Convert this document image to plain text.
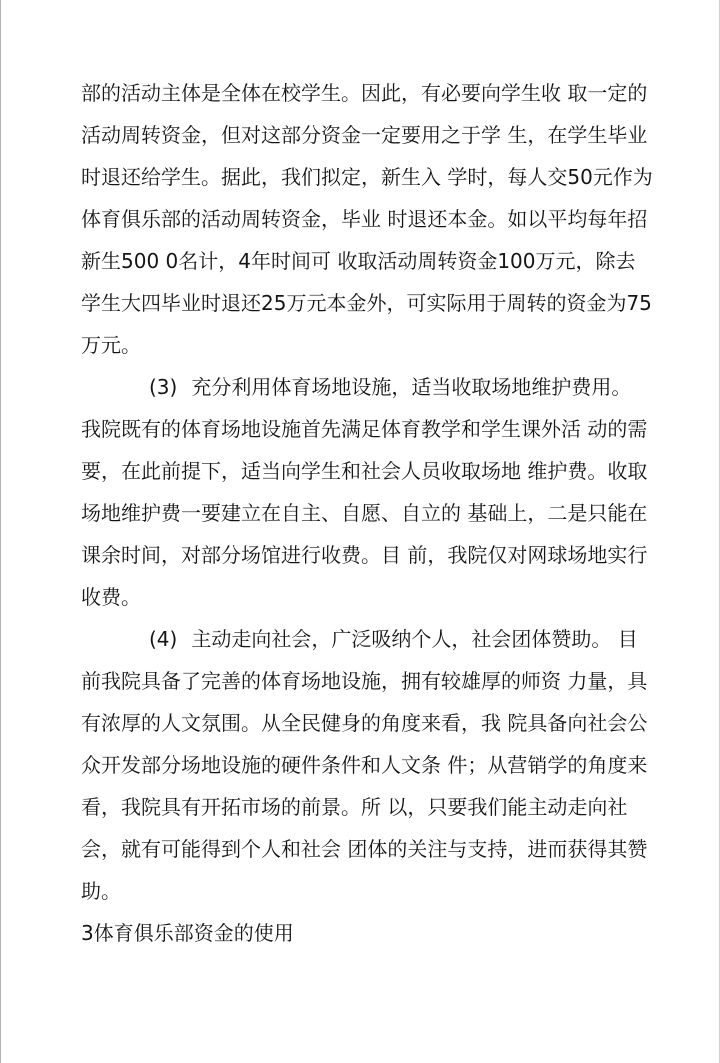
部的活动主体是全体在校学生。因此，有必要向学生收 取一定的
活动周转资金，但对这部分资金一定要用之于学 生，在学生毕业
时退还给学生。据此，我们拟定，新生入 学时，每人交50元作为
体育俱乐部的活动周转资金，毕业 时退还本金。如以平均每年招
新生500 0名计，4年时间可 收取活动周转资金100万元，除去
学生大四毕业时退还25万元本金外，可实际用于周转的资金为75
万元。
(3) 充分利用体育场地设施，适当收取场地维护费用。
我院既有的体育场地设施首先满足体育教学和学生课外活 动的需
要，在此前提下，适当向学生和社会人员收取场地 维护费。收取
场地维护费一要建立在自主、自愿、自立的 基础上，二是只能在
课余时间，对部分场馆进行收费。目 前，我院仅对网球场地实行
收费。
(4) 主动走向社会，广泛吸纳个人，社会团体赞助。 目
前我院具备了完善的体育场地设施，拥有较雄厚的师资 力量，具
有浓厚的人文氛围。从全民健身的角度来看，我 院具备向社会公
众开发部分场地设施的硬件条件和人文条 件；从营销学的角度来
看，我院具有开拓市场的前景。所 以，只要我们能主动走向社
会，就有可能得到个人和社会 团体的关注与支持，进而获得其赞
助。
3体育俱乐部资金的使用
